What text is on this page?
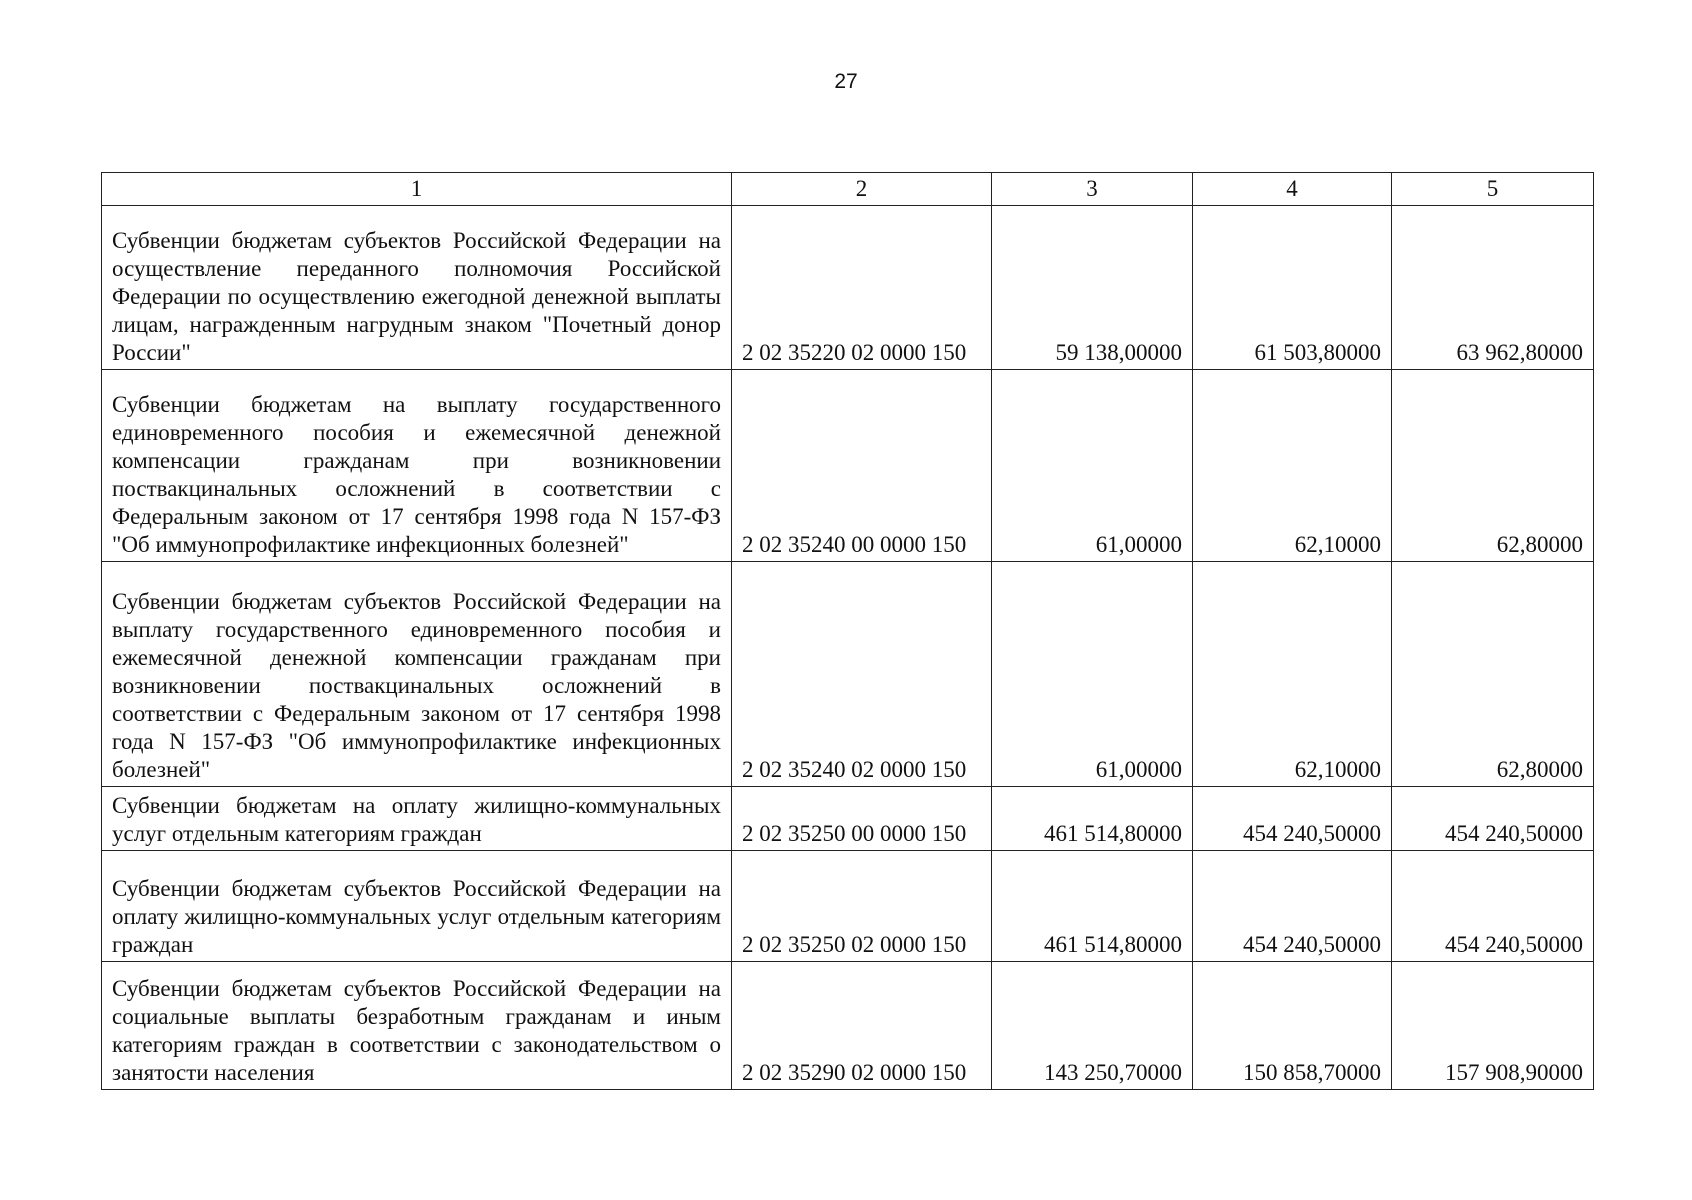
27
1	2	3	4	5
Субвенции бюджетам субъектов Российской Федерации на осуществление переданного полномочия Российской Федерации по осуществлению ежегодной денежной выплаты лицам, награжденным нагрудным знаком "Почетный донор России"	2 02 35220 02 0000 150	59 138,00000	61 503,80000	63 962,80000
Субвенции бюджетам на выплату государственного единовременного пособия и ежемесячной денежной компенсации гражданам при возникновении поствакцинальных осложнений в соответствии с Федеральным законом от 17 сентября 1998 года N 157-ФЗ "Об иммунопрофилактике инфекционных болезней"	2 02 35240 00 0000 150	61,00000	62,10000	62,80000
Субвенции бюджетам субъектов Российской Федерации на выплату государственного единовременного пособия и ежемесячной денежной компенсации гражданам при возникновении поствакцинальных осложнений в соответствии с Федеральным законом от 17 сентября 1998 года N 157-ФЗ "Об иммунопрофилактике инфекционных болезней"	2 02 35240 02 0000 150	61,00000	62,10000	62,80000
Субвенции бюджетам на оплату жилищно-коммунальных услуг отдельным категориям граждан	2 02 35250 00 0000 150	461 514,80000	454 240,50000	454 240,50000
Субвенции бюджетам субъектов Российской Федерации на оплату жилищно-коммунальных услуг отдельным категориям граждан	2 02 35250 02 0000 150	461 514,80000	454 240,50000	454 240,50000
Субвенции бюджетам субъектов Российской Федерации на социальные выплаты безработным гражданам и иным категориям граждан в соответствии с законодательством о занятости населения	2 02 35290 02 0000 150	143 250,70000	150 858,70000	157 908,90000
